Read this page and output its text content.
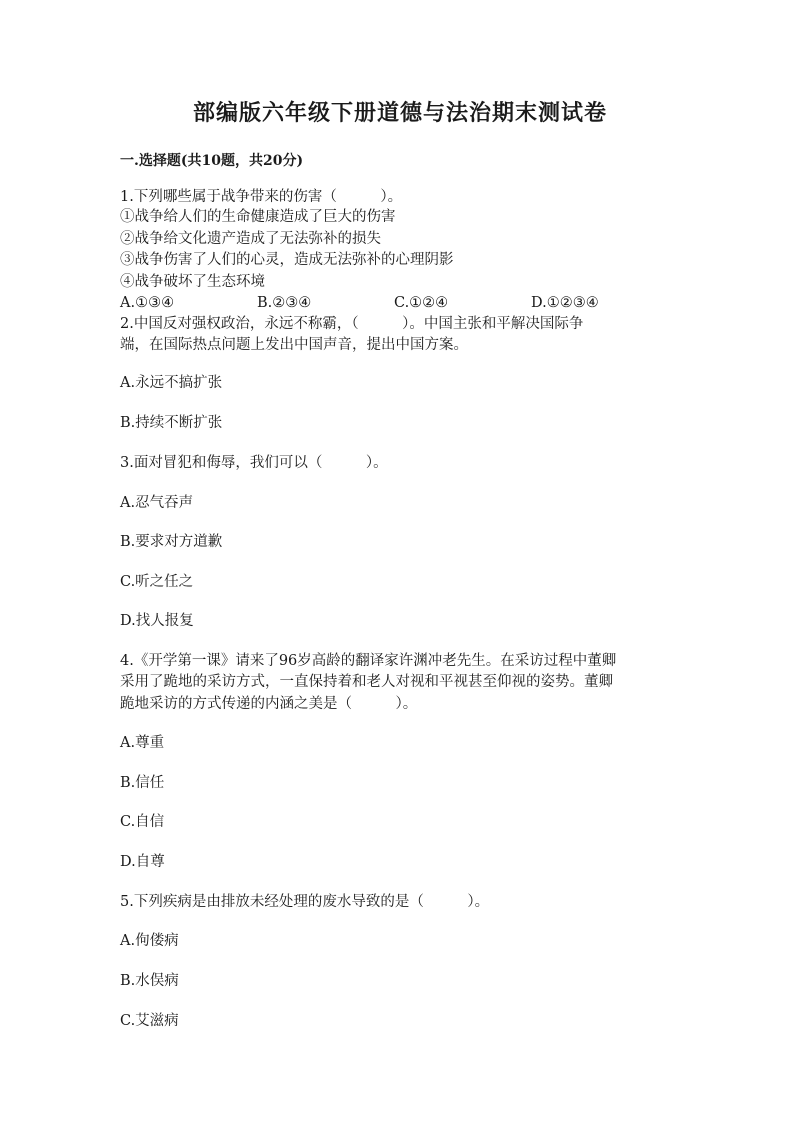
部编版六年级下册道德与法治期末测试卷
一.选择题(共10题，共20分)
1.下列哪些属于战争带来的伤害（　　　）。
①战争给人们的生命健康造成了巨大的伤害
②战争给文化遗产造成了无法弥补的损失
③战争伤害了人们的心灵，造成无法弥补的心理阴影
④战争破坏了生态环境
A.①③④	B.②③④	C.①②④	D.①②③④
2.中国反对强权政治，永远不称霸，（　　　）。中国主张和平解决国际争
端，在国际热点问题上发出中国声音，提出中国方案。
A.永远不搞扩张
B.持续不断扩张
3.面对冒犯和侮辱，我们可以（　　　）。
A.忍气吞声
B.要求对方道歉
C.听之任之
D.找人报复
4.《开学第一课》请来了96岁高龄的翻译家许渊冲老先生。在采访过程中董卿
采用了跪地的采访方式，一直保持着和老人对视和平视甚至仰视的姿势。董卿
跪地采访的方式传递的内涵之美是（　　　）。
A.尊重
B.信任
C.自信
D.自尊
5.下列疾病是由排放未经处理的废水导致的是（　　　）。
A.佝偻病
B.水俣病
C.艾滋病
